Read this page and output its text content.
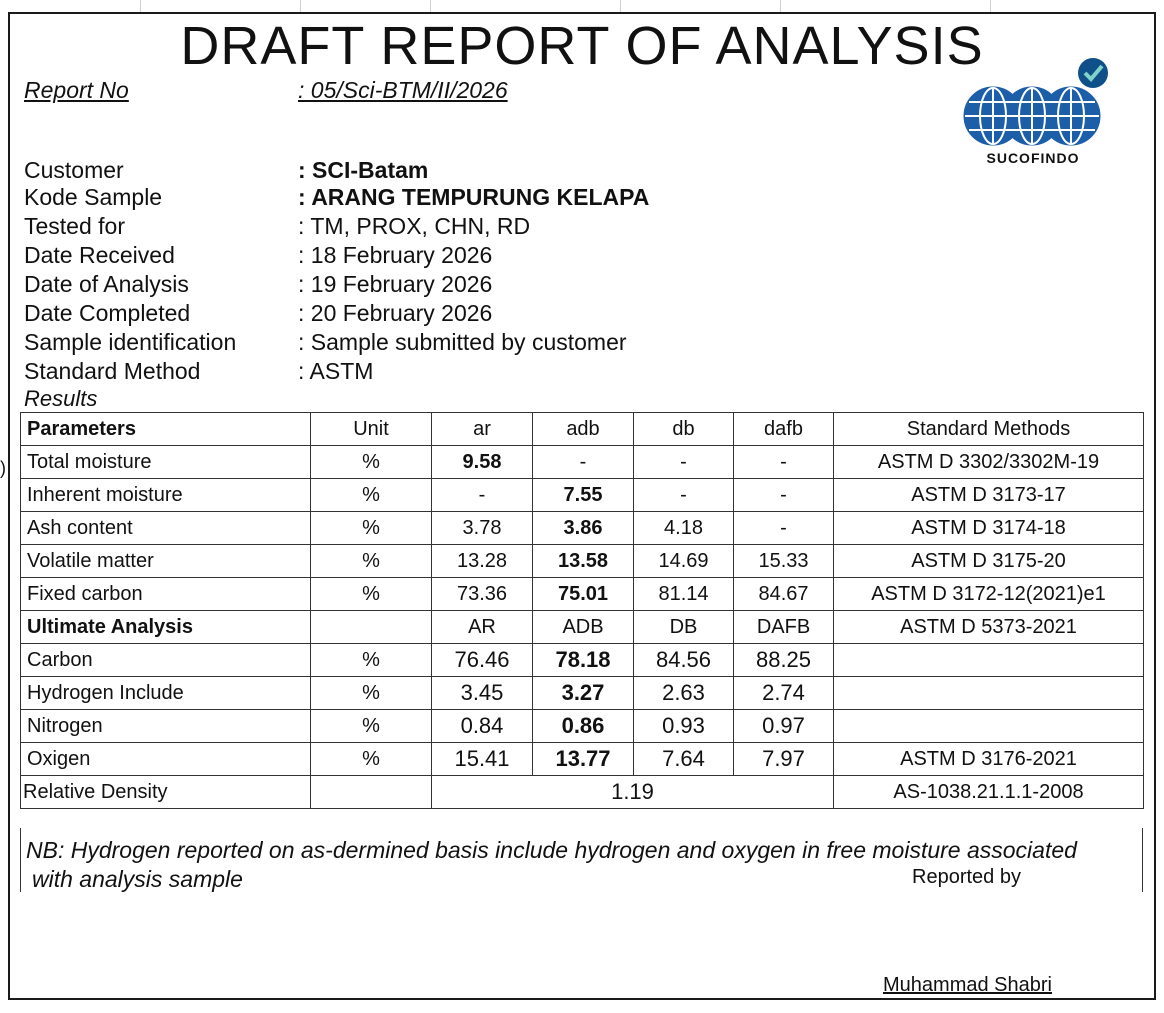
)
DRAFT REPORT OF ANALYSIS
Report No	: 05/Sci-BTM/II/2026
SUCOFINDO
Customer	: SCI-Batam
Kode Sample	: ARANG TEMPURUNG KELAPA
Tested for	: TM, PROX, CHN, RD
Date Received	: 18 February 2026
Date of Analysis	: 19 February 2026
Date Completed	: 20 February 2026
Sample identification	: Sample submitted by customer
Standard Method	: ASTM
Results
Parameters	Unit	ar	adb	db	dafb	Standard Methods
Total moisture	%	9.58	-	-	-	ASTM D 3302/3302M-19
Inherent moisture	%	-	7.55	-	-	ASTM D 3173-17
Ash content	%	3.78	3.86	4.18	-	ASTM D 3174-18
Volatile matter	%	13.28	13.58	14.69	15.33	ASTM D 3175-20
Fixed carbon	%	73.36	75.01	81.14	84.67	ASTM D 3172-12(2021)e1
Ultimate Analysis		AR	ADB	DB	DAFB	ASTM D 5373-2021
Carbon	%	76.46	78.18	84.56	88.25	
Hydrogen Include	%	3.45	3.27	2.63	2.74	
Nitrogen	%	0.84	0.86	0.93	0.97	
Oxigen	%	15.41	13.77	7.64	7.97	ASTM D 3176-2021
Relative Density		1.19				AS-1038.21.1.1-2008
NB: Hydrogen reported on as-dermined basis include hydrogen and oxygen in free moisture associated
with analysis sample	Reported by
Muhammad Shabri
